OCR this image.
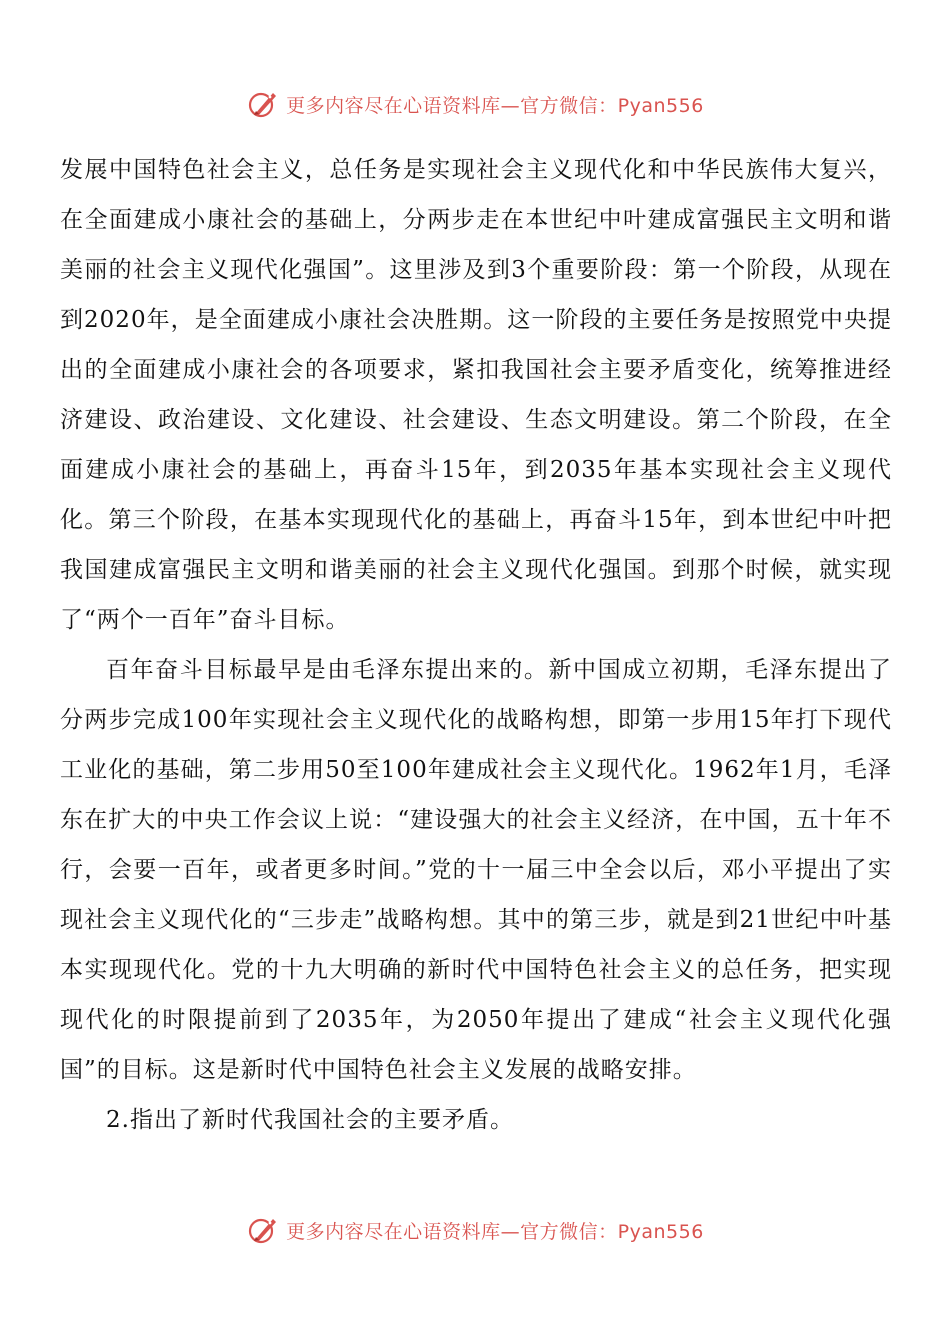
更多内容尽在心语资料库—官方微信：Pyan556

发展中国特色社会主义，总任务是实现社会主义现代化和中华民族伟大复兴，在全面建成小康社会的基础上，分两步走在本世纪中叶建成富强民主文明和谐美丽的社会主义现代化强国”。这里涉及到3个重要阶段：第一个阶段，从现在到2020年，是全面建成小康社会决胜期。这一阶段的主要任务是按照党中央提出的全面建成小康社会的各项要求，紧扣我国社会主要矛盾变化，统筹推进经济建设、政治建设、文化建设、社会建设、生态文明建设。第二个阶段，在全面建成小康社会的基础上，再奋斗15年，到2035年基本实现社会主义现代化。第三个阶段，在基本实现现代化的基础上，再奋斗15年，到本世纪中叶把我国建成富强民主文明和谐美丽的社会主义现代化强国。到那个时候，就实现了“两个一百年”奋斗目标。

百年奋斗目标最早是由毛泽东提出来的。新中国成立初期，毛泽东提出了分两步完成100年实现社会主义现代化的战略构想，即第一步用15年打下现代工业化的基础，第二步用50至100年建成社会主义现代化。1962年1月，毛泽东在扩大的中央工作会议上说：“建设强大的社会主义经济，在中国，五十年不行，会要一百年，或者更多时间。”党的十一届三中全会以后，邓小平提出了实现社会主义现代化的“三步走”战略构想。其中的第三步，就是到21世纪中叶基本实现现代化。党的十九大明确的新时代中国特色社会主义的总任务，把实现现代化的时限提前到了2035年，为2050年提出了建成“社会主义现代化强国”的目标。这是新时代中国特色社会主义发展的战略安排。

2.指出了新时代我国社会的主要矛盾。

更多内容尽在心语资料库—官方微信：Pyan556
